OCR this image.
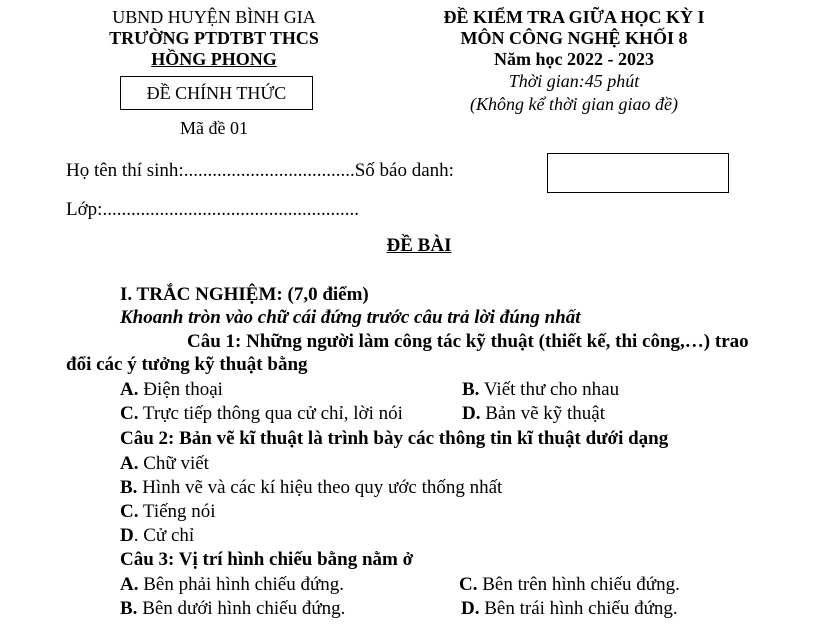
UBND HUYỆN BÌNH GIA
TRƯỜNG PTDTBT THCS
HỒNG PHONG
ĐỀ CHÍNH THỨC
Mã đề 01
ĐỀ KIỂM TRA GIỮA HỌC KỲ I
MÔN CÔNG NGHỆ KHỐI 8
Năm học 2022 - 2023
Thời gian:45 phút
(Không kể thời gian giao đề)
Họ tên thí sinh:....................................Số báo danh:
Lớp:......................................................
ĐỀ BÀI
I. TRẮC NGHIỆM: (7,0 điểm)
Khoanh tròn vào chữ cái đứng trước câu trả lời đúng nhất
Câu 1: Những người làm công tác kỹ thuật (thiết kế, thi công,…) trao
đổi các ý tưởng kỹ thuật bằng
A. Điện thoại	B. Viết thư cho nhau
C. Trực tiếp thông qua cử chỉ, lời nói	D. Bản vẽ kỹ thuật
Câu 2: Bản vẽ kĩ thuật là trình bày các thông tin kĩ thuật dưới dạng
A. Chữ viết
B. Hình vẽ và các kí hiệu theo quy ước thống nhất
C. Tiếng nói
D. Cử chỉ
Câu 3: Vị trí hình chiếu bằng nằm ở
A. Bên phải hình chiếu đứng.	C. Bên trên hình chiếu đứng.
B. Bên dưới hình chiếu đứng.	D. Bên trái hình chiếu đứng.
